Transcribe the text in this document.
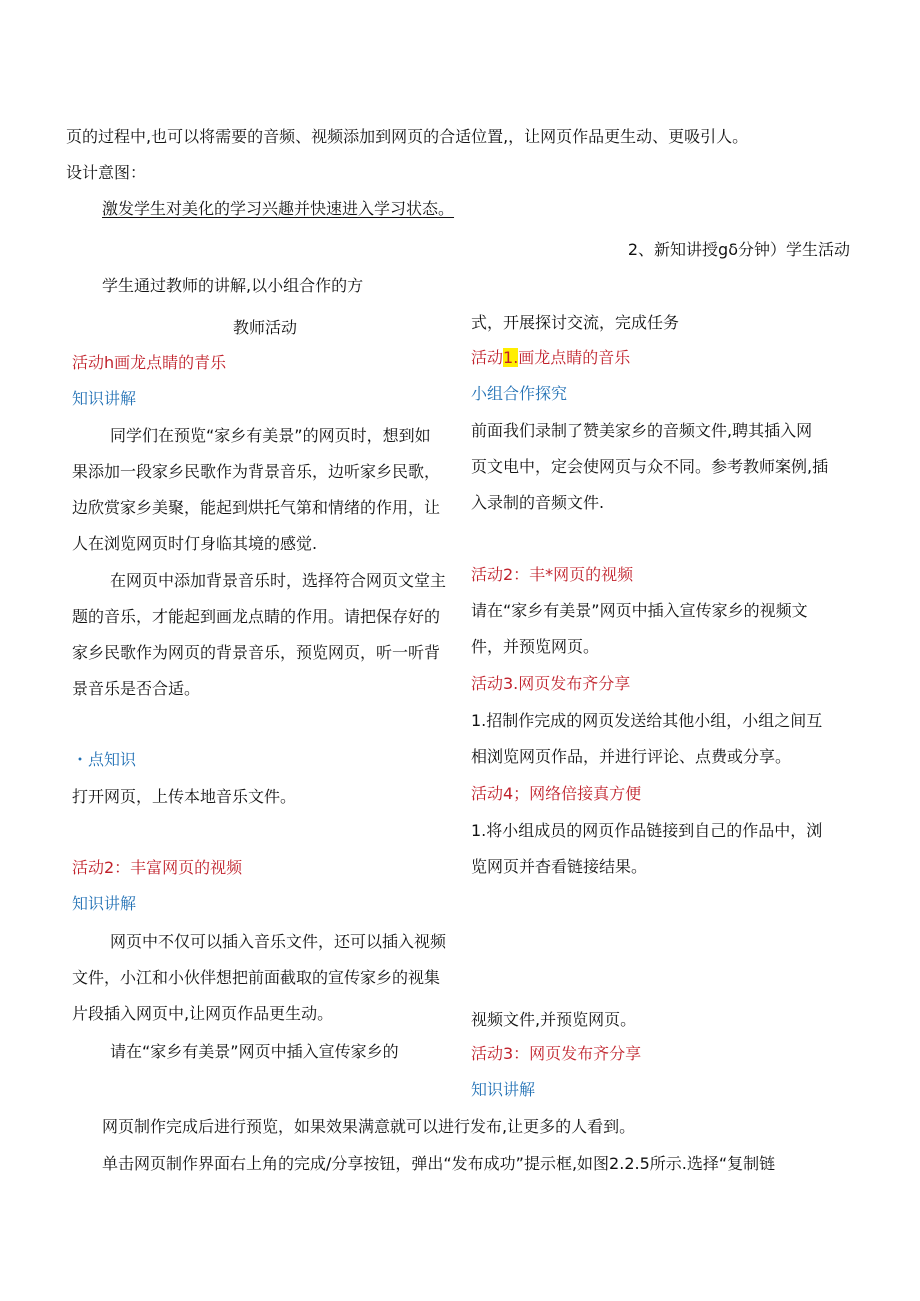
页的过程中,也可以将需要的音频、视频添加到网页的合适位置,，让网页作品更生动、更吸引人。
设计意图：
激发学生对美化的学习兴趣并快速进入学习状态。
2、新知讲授gδ分钟）学生活动
学生通过教师的讲解,以小组合作的方
教师活动
活动h画龙点睛的青乐
知识讲解
同学们在预览“家乡有美景”的网页时，想到如
果添加一段家乡民歌作为背景音乐，边听家乡民歌，
边欣赏家乡美聚，能起到烘托气第和情绪的作用，让
人在浏览网页时仃身临其境的感觉.
在网页中添加背景音乐时，选择符合网页文堂主
题的音乐，才能起到画龙点睛的作用。请把保存好的
家乡民歌作为网页的背景音乐，预览网页，听一听背
景音乐是否合适。
・点知识
打开网页，上传本地音乐文件。
活动2：丰富网页的视频
知识讲解
网页中不仅可以插入音乐文件，还可以插入视频
文件，小江和小伙伴想把前面截取的宣传家乡的视集
片段插入网页中,让网页作品更生动。
请在“家乡有美景”网页中插入宣传家乡的
式，开展探讨交流，完成任务
活动1.画龙点睛的音乐
小组合作探究
前面我们录制了赞美家乡的音频文件,聘其插入网
页文电中，定会使网页与众不同。参考教师案例,插
入录制的音频文件.
活动2：丰*网页的视频
请在“家乡有美景”网页中插入宣传家乡的视频文
件，并预览网页。
活动3.网页发布齐分享
1.招制作完成的网页发送给其他小组，小组之间互
相浏览网页作品，并进行评论、点费或分享。
活动4；网络倍接真方便
1.将小组成员的网页作品链接到自己的作品中，浏
览网页并杳看链接结果。
视频文件,并预览网页。
活动3：网页发布齐分享
知识讲解
网页制作完成后进行预览，如果效果满意就可以进行发布,让更多的人看到。
单击网页制作界面右上角的完成/分享按钮，弹出“发布成功”提示框,如图2.2.5所示.选择“复制链
